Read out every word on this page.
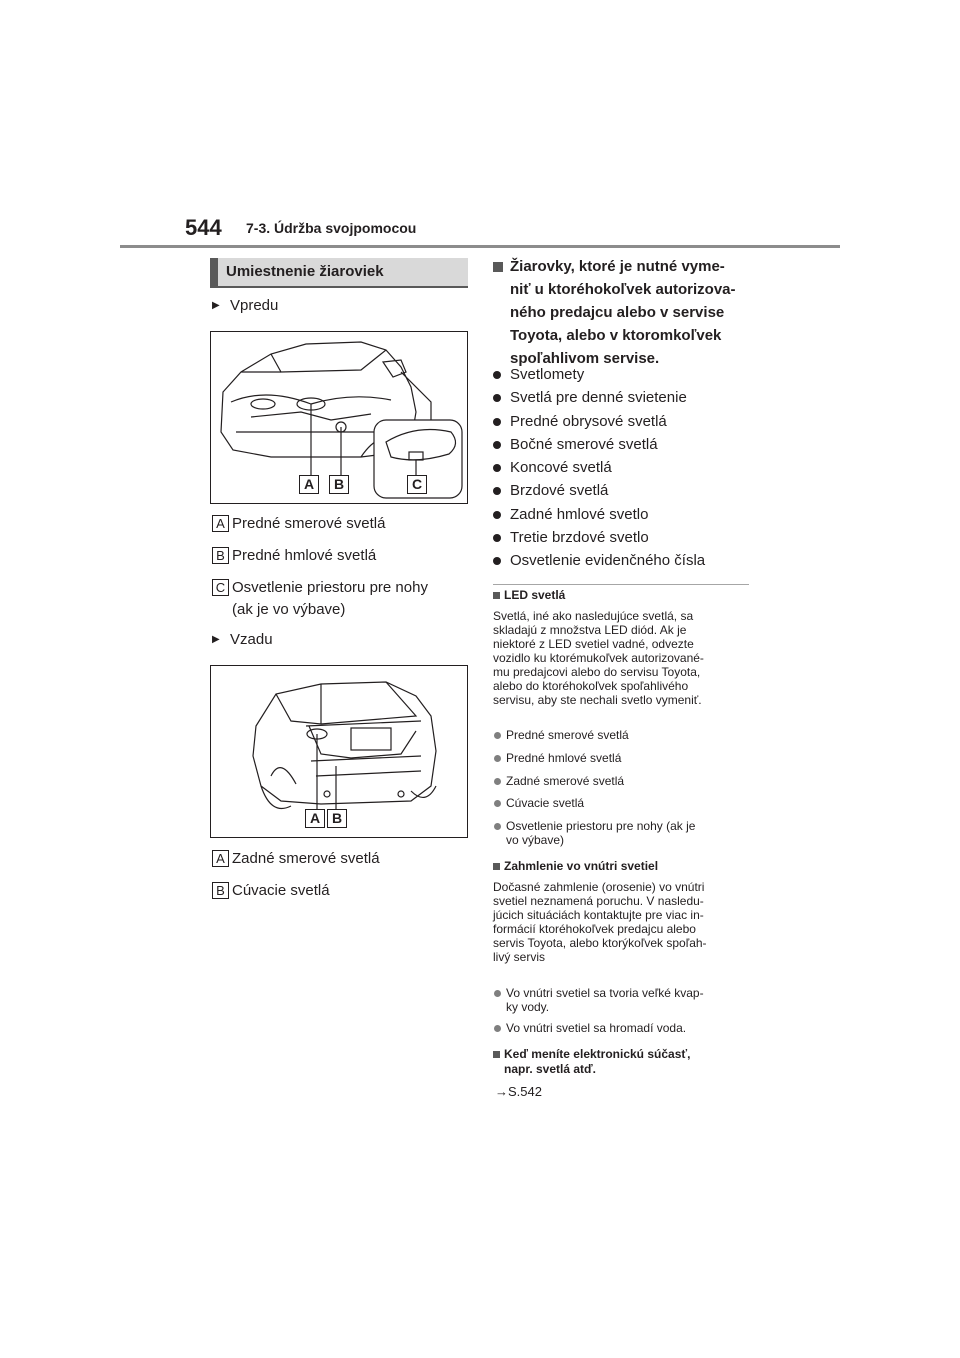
544 7-3. Údržba svojpomocou
Umiestnenie žiaroviek
▶ Vpredu
A	B	C
A Predné smerové svetlá
B Predné hmlové svetlá
C Osvetlenie priestoru pre nohy
(ak je vo výbave)
▶ Vzadu
A B
A Zadné smerové svetlá
B Cúvacie svetlá
Žiarovky, ktoré je nutné vyme-
niť u ktoréhokoľvek autorizova-
ného predajcu alebo v servise
Toyota, alebo v ktoromkoľvek
spoľahlivom servise.
Svetlomety
Svetlá pre denné svietenie
Predné obrysové svetlá
Bočné smerové svetlá
Koncové svetlá
Brzdové svetlá
Zadné hmlové svetlo
Tretie brzdové svetlo
Osvetlenie evidenčného čísla
LED svetlá
Svetlá, iné ako nasledujúce svetlá, sa
skladajú z množstva LED diód. Ak je
niektoré z LED svetiel vadné, odvezte
vozidlo ku ktorémukoľvek autorizované-
mu predajcovi alebo do servisu Toyota,
alebo do ktoréhokoľvek spoľahlivého
servisu, aby ste nechali svetlo vymeniť.
Predné smerové svetlá
Predné hmlové svetlá
Zadné smerové svetlá
Cúvacie svetlá
Osvetlenie priestoru pre nohy (ak je
vo výbave)
Zahmlenie vo vnútri svetiel
Dočasné zahmlenie (orosenie) vo vnútri
svetiel neznamená poruchu. V nasledu-
júcich situáciách kontaktujte pre viac in-
formácií ktoréhokoľvek predajcu alebo
servis Toyota, alebo ktorýkoľvek spoľah-
livý servis
Vo vnútri svetiel sa tvoria veľké kvap-
ky vody.
Vo vnútri svetiel sa hromadí voda.
Keď meníte elektronickú súčasť,
napr. svetlá atď.
→S.542
